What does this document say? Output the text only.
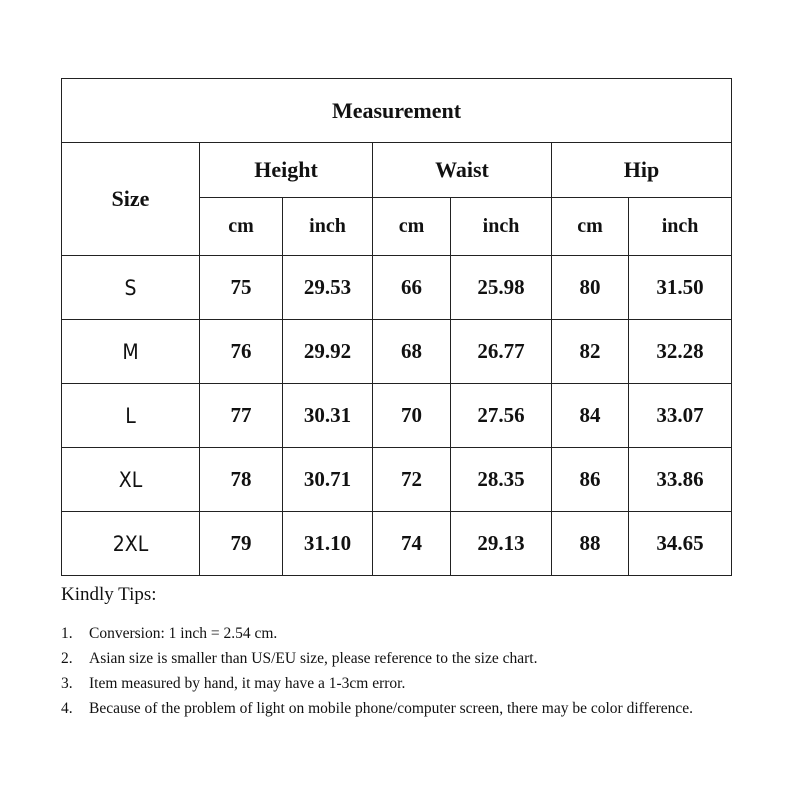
Measurement						
Size	Height		Waist		Hip	
	cm	inch	cm	inch	cm	inch
S	75	29.53	66	25.98	80	31.50
M	76	29.92	68	26.77	82	32.28
L	77	30.31	70	27.56	84	33.07
XL	78	30.71	72	28.35	86	33.86
2XL	79	31.10	74	29.13	88	34.65

Kindly Tips:

1.	Conversion: 1 inch = 2.54 cm.
2.	Asian size is smaller than US/EU size, please reference to the size chart.
3.	Item measured by hand, it may have a 1-3cm error.
4.	Because of the problem of light on mobile phone/computer screen, there may be color difference.
